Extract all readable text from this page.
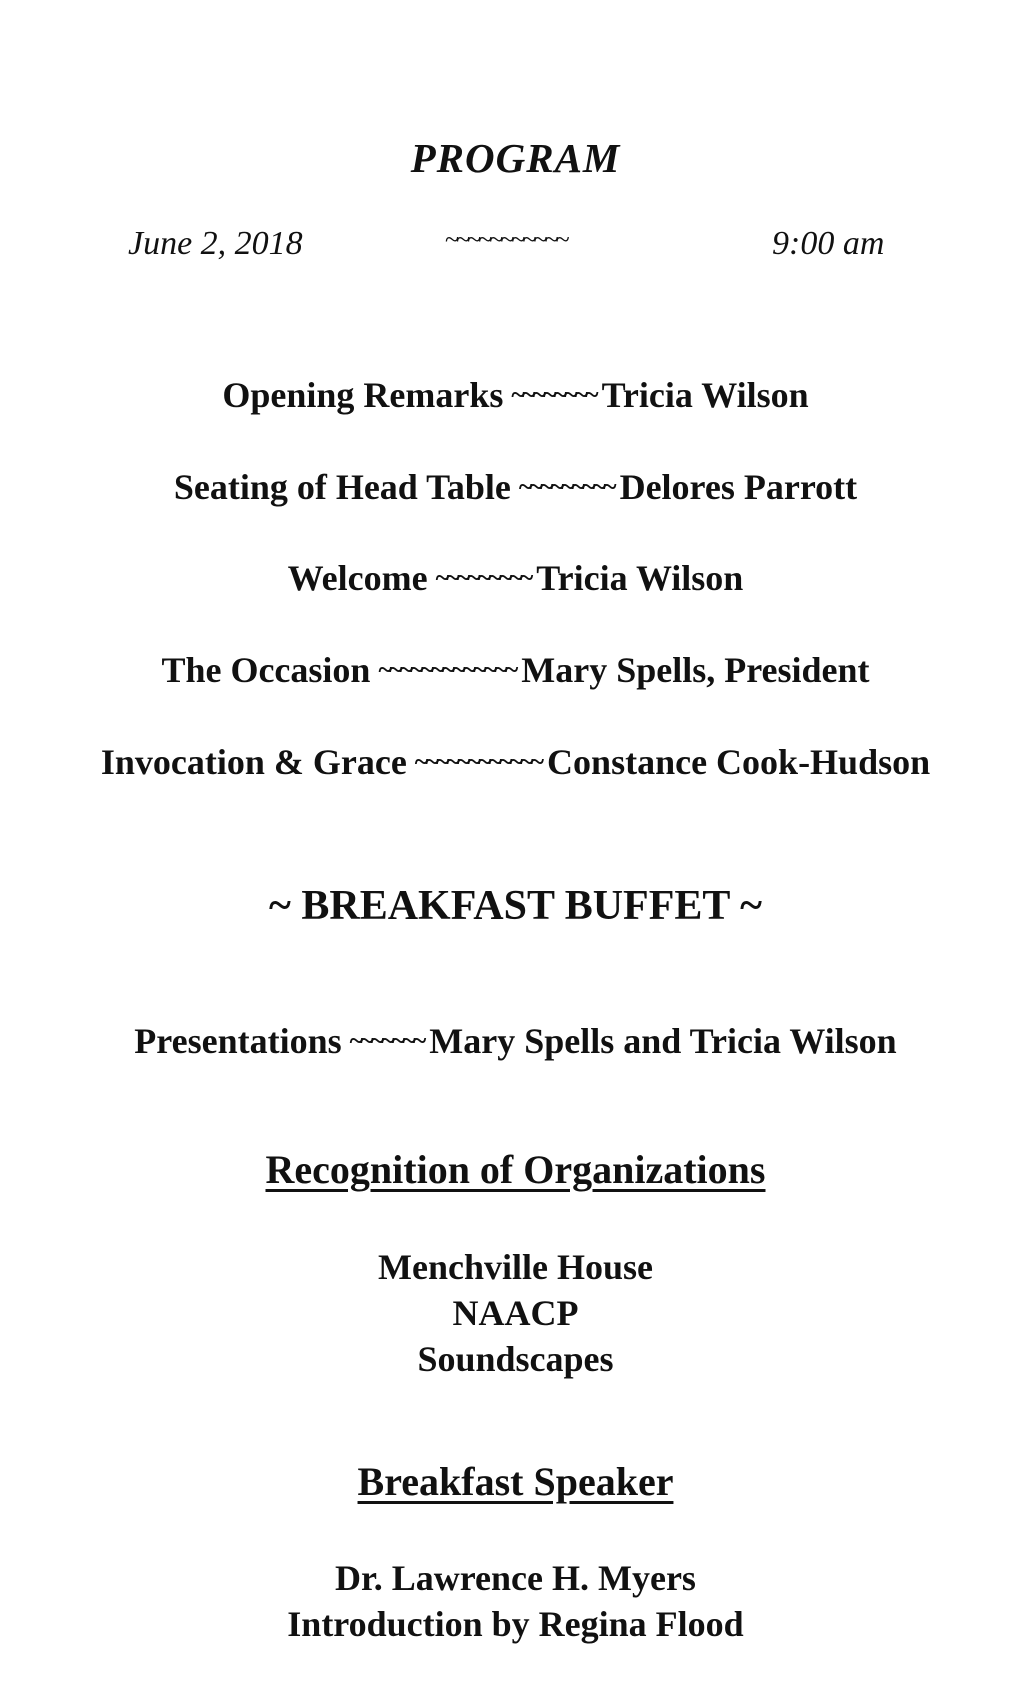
PROGRAM
June 2, 2018	~~~~~~~~~~~	9:00 am
Opening Remarks ~~~~~~~~ Tricia Wilson
Seating of Head Table ~~~~~~~~~ Delores Parrott
Welcome ~~~~~~~~~ Tricia Wilson
The Occasion ~~~~~~~~~~~~~ Mary Spells, President
Invocation & Grace ~~~~~~~~~~~~ Constance Cook-Hudson
~ BREAKFAST BUFFET ~
Presentations ~~~~~~~ Mary Spells and Tricia Wilson
Recognition of Organizations
Menchville House
NAACP
Soundscapes
Breakfast Speaker
Dr. Lawrence H. Myers
Introduction by Regina Flood
